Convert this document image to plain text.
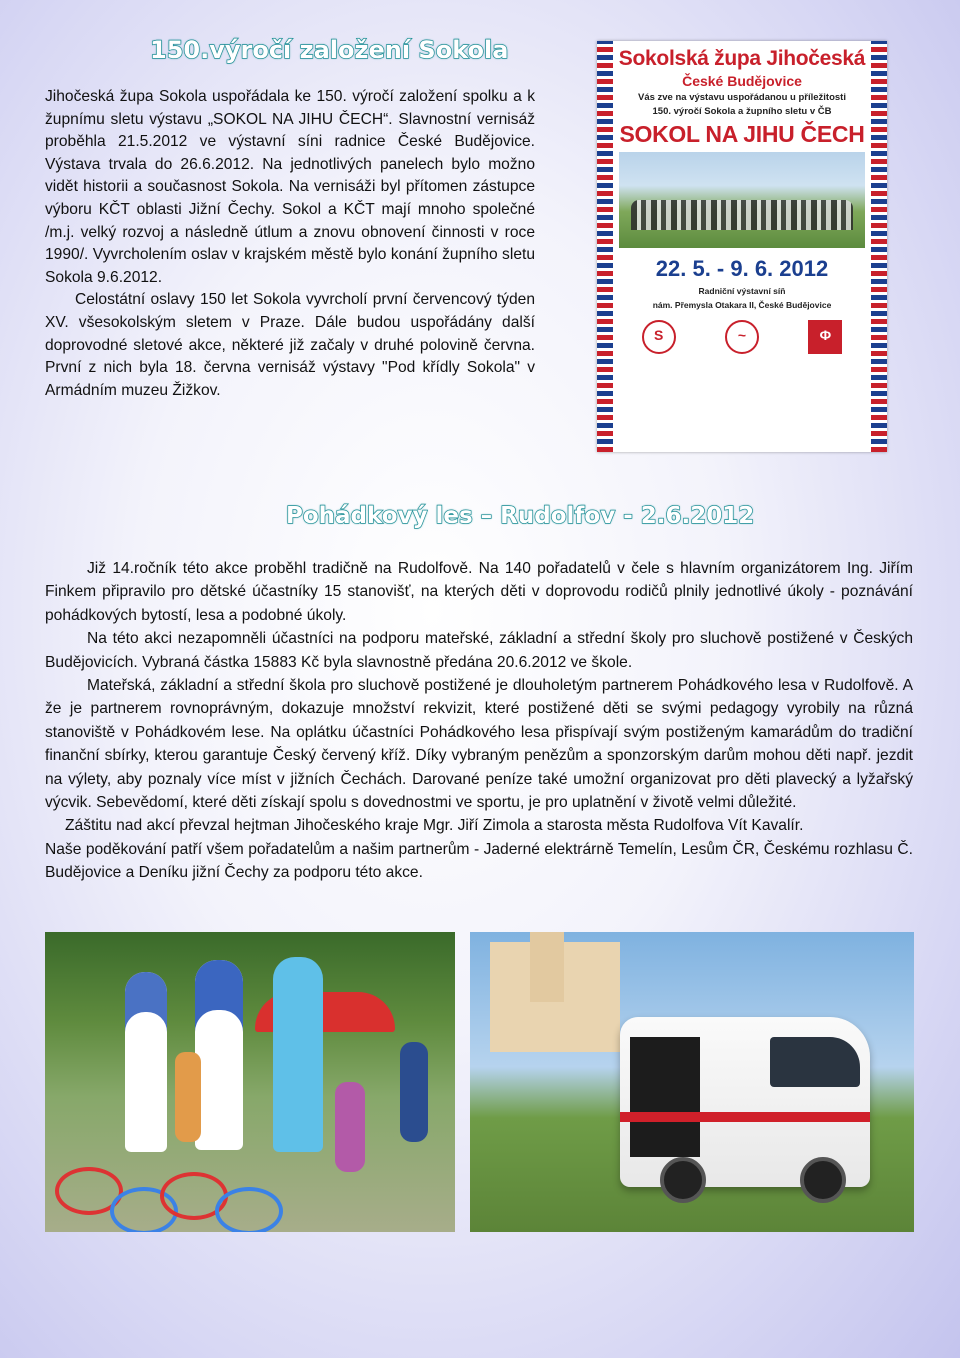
150.výročí založení Sokola

Jihočeská župa Sokola uspořádala ke 150. výročí založení spolku a k župnímu sletu výstavu „SOKOL NA JIHU ČECH“. Slavnostní vernisáž proběhla 21.5.2012 ve výstavní síni radnice České Budějovice. Výstava trvala do 26.6.2012. Na jednotlivých panelech bylo možno vidět historii a současnost Sokola. Na vernisáži byl přítomen zástupce výboru KČT oblasti Jižní Čechy. Sokol a KČT mají mnoho společné /m.j. velký rozvoj a následně útlum a znovu obnovení činnosti v roce 1990/. Vyvrcholením oslav v krajském městě bylo konání župního sletu Sokola 9.6.2012.

Celostátní oslavy 150 let Sokola vyvrcholí první červencový týden XV. všesokolským sletem v Praze. Dále budou uspořádány další doprovodné sletové akce, některé již začaly v druhé polovině června. První z nich byla 18. června vernisáž výstavy "Pod křídly Sokola" v Armádním muzeu Žižkov.

Sokolská župa Jihočeská
České Budějovice
Vás zve na výstavu uspořádanou u příležitosti
150. výročí Sokola a župního sletu v ČB
SOKOL NA JIHU ČECH
22. 5. - 9. 6. 2012
Radniční výstavní síň
nám. Přemysla Otakara II, České Budějovice
S	~	Φ
Pohádkový les – Rudolfov - 2.6.2012

Již 14.ročník této akce proběhl tradičně na Rudolfově. Na 140 pořadatelů v čele s hlavním organizátorem Ing. Jiřím Finkem připravilo pro dětské účastníky 15 stanovišť, na kterých děti v doprovodu rodičů plnily jednotlivé úkoly - poznávání pohádkových bytostí, lesa a podobné úkoly.

Na této akci nezapomněli účastníci na podporu mateřské, základní a střední školy pro sluchově postižené v Českých Budějovicích. Vybraná částka 15883 Kč byla slavnostně předána 20.6.2012 ve škole.

Mateřská, základní a střední škola pro sluchově postižené je dlouholetým partnerem Pohádkového lesa v Rudolfově. A že je partnerem rovnoprávným, dokazuje množství rekvizit, které postižené děti se svými pedagogy vyrobily na různá stanoviště v Pohádkovém lese. Na oplátku účastníci Pohádkového lesa přispívají svým postiženým kamarádům do tradiční finanční sbírky, kterou garantuje Český červený kříž. Díky vybraným penězům a sponzorským darům mohou děti např. jezdit na výlety, aby poznaly více míst v jižních Čechách. Darované peníze také umožní organizovat pro děti plavecký a lyžařský výcvik. Sebevědomí, které děti získají spolu s dovednostmi ve sportu, je pro uplatnění v životě velmi důležité.

Záštitu nad akcí převzal hejtman Jihočeského kraje Mgr. Jiří Zimola a starosta města Rudolfova Vít Kavalír.

Naše poděkování patří všem pořadatelům a našim partnerům - Jaderné elektrárně Temelín, Lesům ČR, Českému rozhlasu Č. Budějovice a Deníku jižní Čechy za podporu této akce.
